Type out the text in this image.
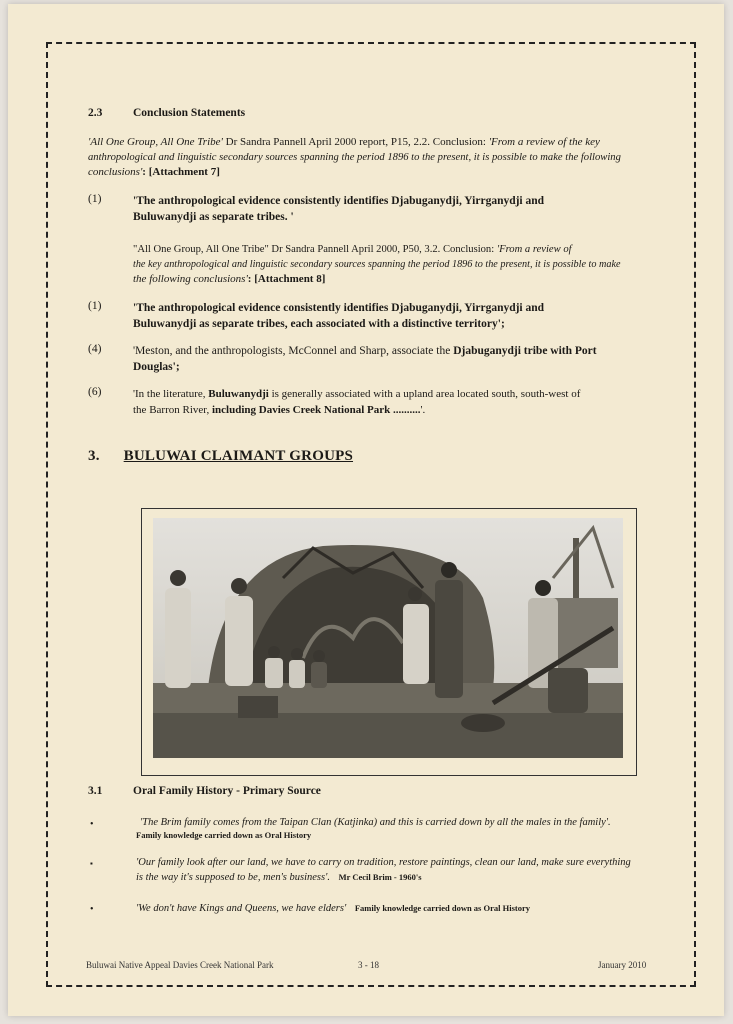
2.3	Conclusion Statements
'All One Group, All One Tribe' Dr Sandra Pannell April 2000 report, P15, 2.2. Conclusion: 'From a review of the key
anthropological and linguistic secondary sources spanning the period 1896 to the present, it is possible to make the following
conclusions': [Attachment 7]
(1)	'The anthropological evidence consistently identifies Djabuganydji, Yirrganydji and
Buluwanydji as separate tribes. '
"All One Group, All One Tribe" Dr Sandra Pannell April 2000, P50, 3.2. Conclusion: 'From a review of
the key anthropological and linguistic secondary sources spanning the period 1896 to the present, it is possible to make
the following conclusions': [Attachment 8]
(1)	'The anthropological evidence consistently identifies Djabuganydji, Yirrganydji and
Buluwanydji as separate tribes, each associated with a distinctive territory';
(4)	'Meston, and the anthropologists, McConnel and Sharp, associate the Djabuganydji tribe with Port
Douglas';
(6)	'In the literature, Buluwanydji is generally associated with a upland area located south, south-west of
the Barron River, including Davies Creek National Park ..........'.
3. BULUWAI CLAIMANT GROUPS
3.1	Oral Family History - Primary Source
•	'The Brim family comes from the Taipan Clan (Katjinka) and this is carried down by all the males in the family'.
Family knowledge carried down as Oral History
▪	'Our family look after our land, we have to carry on tradition, restore paintings, clean our land, make sure everything
is the way it's supposed to be, men's business'. Mr Cecil Brim - 1960's
•	'We don't have Kings and Queens, we have elders' Family knowledge carried down as Oral History
Buluwai Native Appeal Davies Creek National Park	3 - 18	January 2010
